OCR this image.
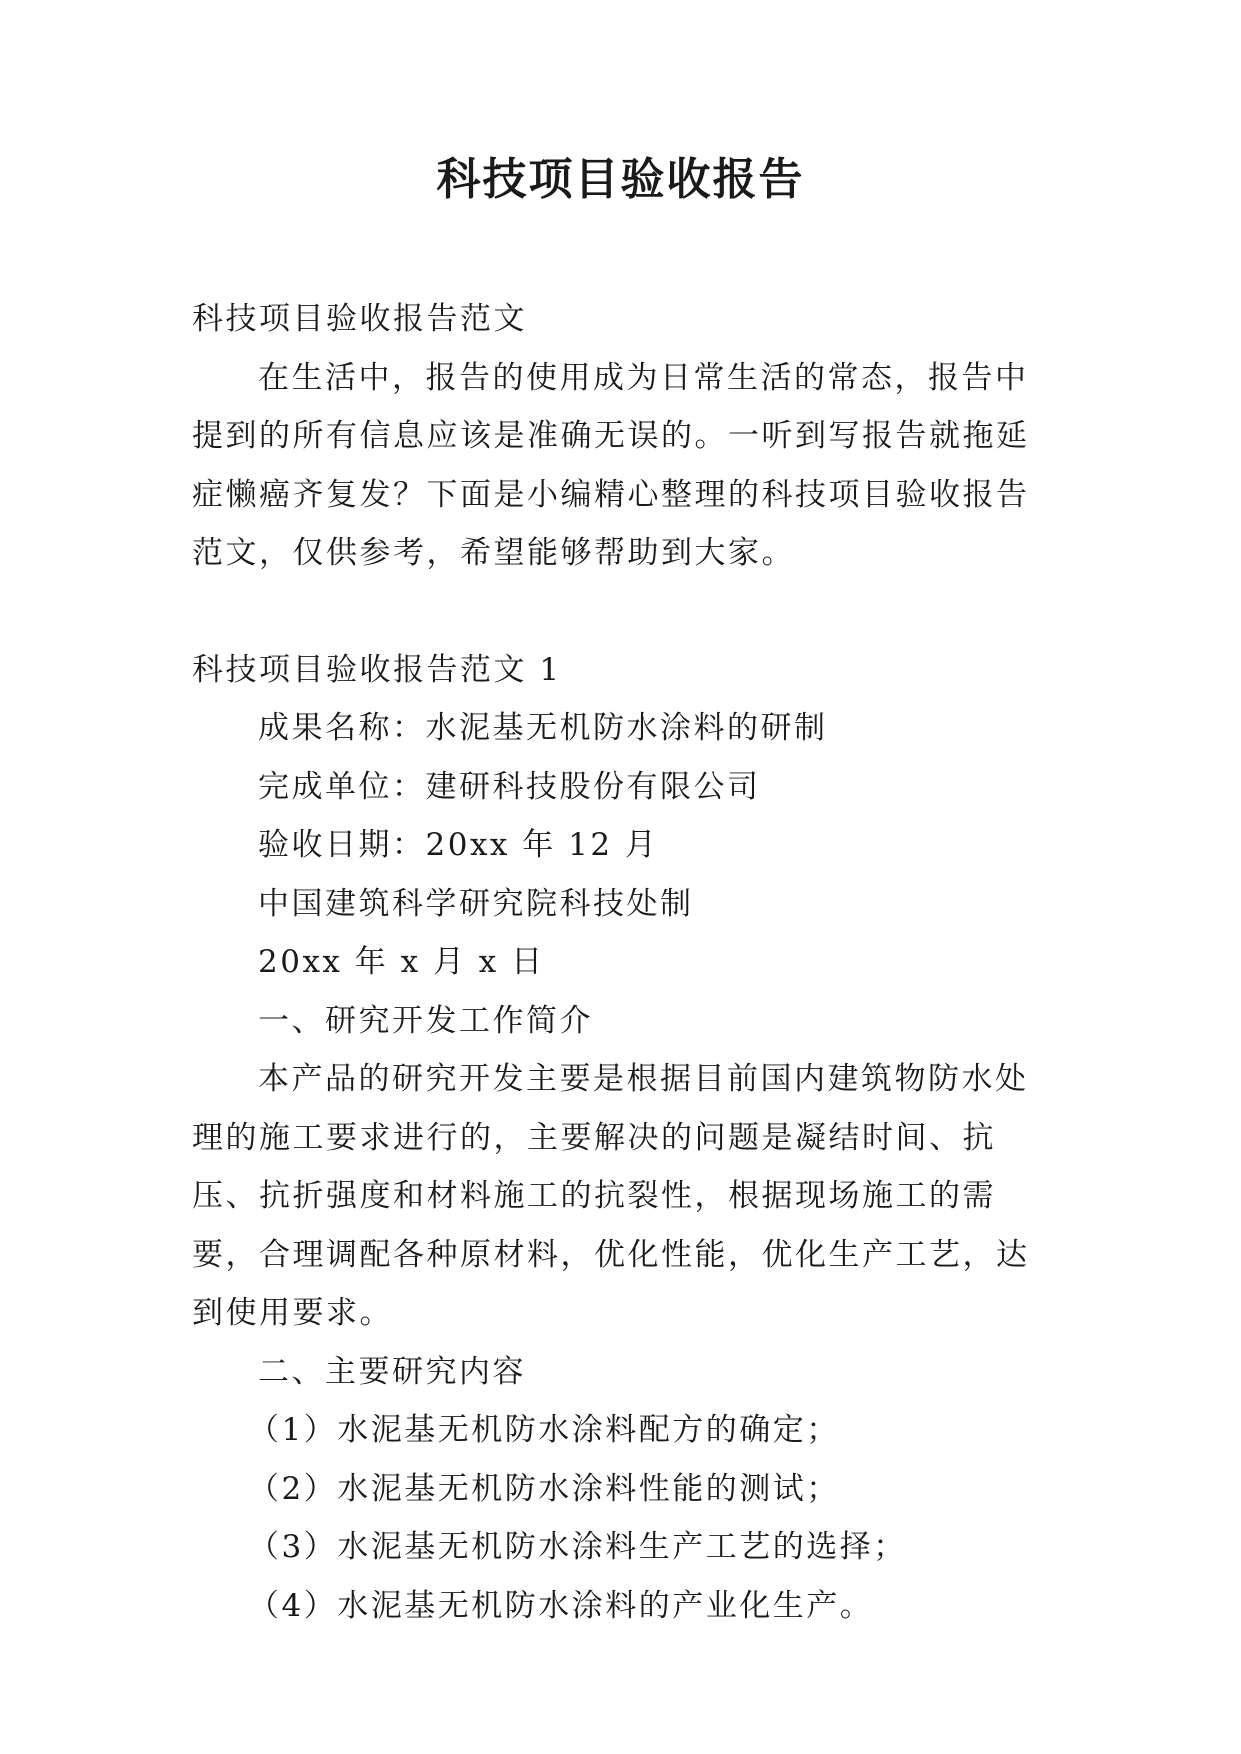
科技项目验收报告

科技项目验收报告范文

在生活中，报告的使用成为日常生活的常态，报告中提到的所有信息应该是准确无误的。一听到写报告就拖延症懒癌齐复发？下面是小编精心整理的科技项目验收报告范文，仅供参考，希望能够帮助到大家。

科技项目验收报告范文 1

成果名称：水泥基无机防水涂料的研制

完成单位：建研科技股份有限公司

验收日期：20xx 年 12 月

中国建筑科学研究院科技处制

20xx 年 x 月 x 日

一、研究开发工作简介

本产品的研究开发主要是根据目前国内建筑物防水处理的施工要求进行的，主要解决的问题是凝结时间、抗压、抗折强度和材料施工的抗裂性，根据现场施工的需要，合理调配各种原材料，优化性能，优化生产工艺，达到使用要求。

二、主要研究内容

（1）水泥基无机防水涂料配方的确定；

（2）水泥基无机防水涂料性能的测试；

（3）水泥基无机防水涂料生产工艺的选择；

（4）水泥基无机防水涂料的产业化生产。
